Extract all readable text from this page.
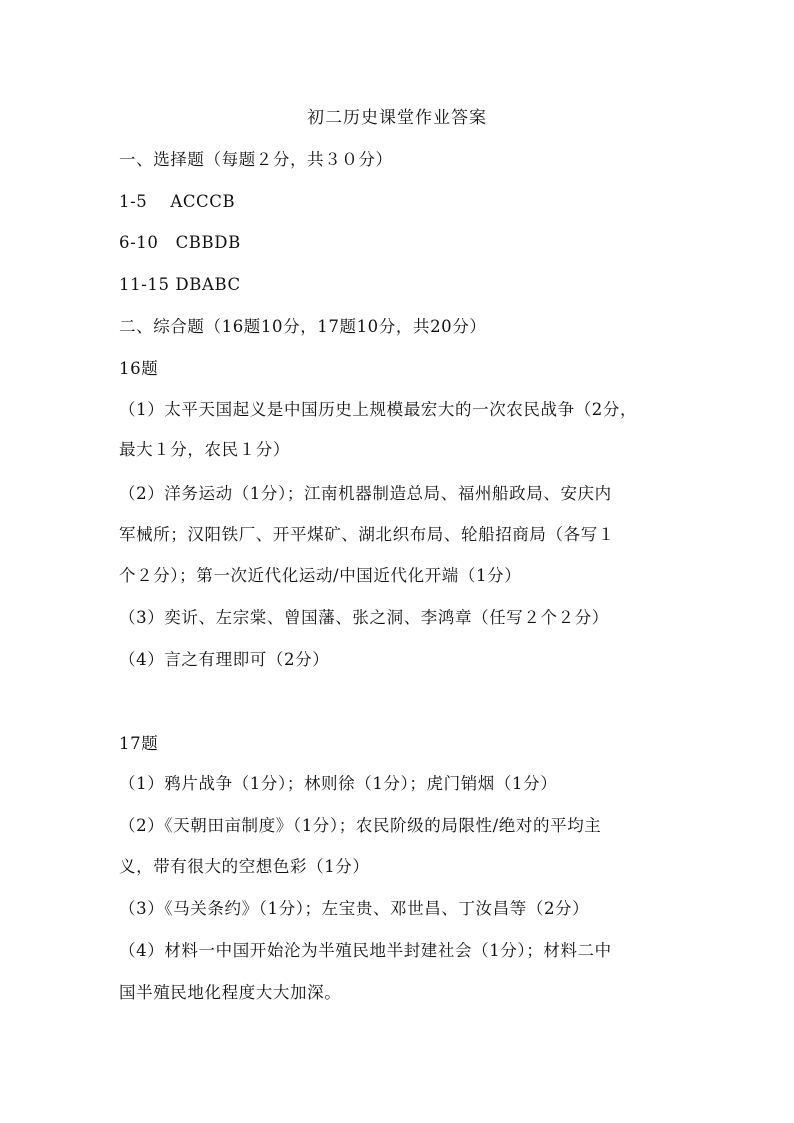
初二历史课堂作业答案
一、选择题（每题２分，共３０分）
1-5 　ACCCB
6-10　CBBDB
11-15 DBABC
二、综合题（16题10分，17题10分，共20分）
16题
（1）太平天国起义是中国历史上规模最宏大的一次农民战争（2分，
最大１分，农民１分）
（2）洋务运动（1分）；江南机器制造总局、福州船政局、安庆内
军械所；汉阳铁厂、开平煤矿、湖北织布局、轮船招商局（各写１
个２分）；第一次近代化运动/中国近代化开端（1分）
（3）奕䜣、左宗棠、曾国藩、张之洞、李鸿章（任写２个２分）
（4）言之有理即可（2分）
17题
（1）鸦片战争（1分）；林则徐（1分）；虎门销烟（1分）
（2）《天朝田亩制度》（1分）；农民阶级的局限性/绝对的平均主
义，带有很大的空想色彩（1分）
（3）《马关条约》（1分）；左宝贵、邓世昌、丁汝昌等（2分）
（4）材料一中国开始沦为半殖民地半封建社会（1分）；材料二中
国半殖民地化程度大大加深。
